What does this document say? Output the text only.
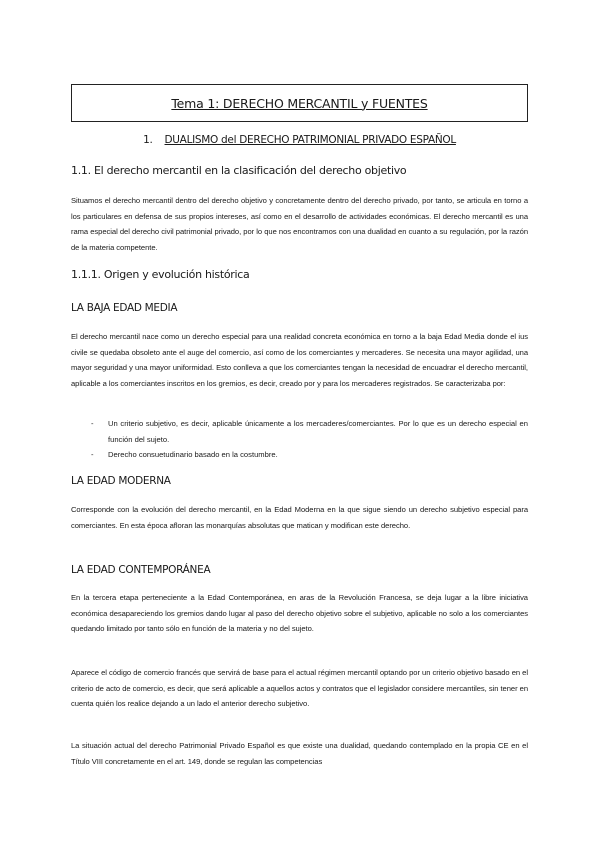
Tema 1: DERECHO MERCANTIL y FUENTES
1. DUALISMO del DERECHO PATRIMONIAL PRIVADO ESPAÑOL
1.1. El derecho mercantil en la clasificación del derecho objetivo

Situamos el derecho mercantil dentro del derecho objetivo y concretamente dentro del derecho privado, por tanto, se articula en torno a los particulares en defensa de sus propios intereses, así como en el desarrollo de actividades económicas. El derecho mercantil es una rama especial del derecho civil patrimonial privado, por lo que nos encontramos con una dualidad en cuanto a su regulación, por la razón de la materia competente.

1.1.1. Origen y evolución histórica
LA BAJA EDAD MEDIA

El derecho mercantil nace como un derecho especial para una realidad concreta económica en torno a la baja Edad Media donde el ius civile se quedaba obsoleto ante el auge del comercio, así como de los comerciantes y mercaderes. Se necesita una mayor agilidad, una mayor seguridad y una mayor uniformidad. Esto conlleva a que los comerciantes tengan la necesidad de encuadrar el derecho mercantil, aplicable a los comerciantes inscritos en los gremios, es decir, creado por y para los mercaderes registrados. Se caracterizaba por:

- Un criterio subjetivo, es decir, aplicable únicamente a los mercaderes/comerciantes. Por lo que es un derecho especial en función del sujeto.
- Derecho consuetudinario basado en la costumbre.
LA EDAD MODERNA

Corresponde con la evolución del derecho mercantil, en la Edad Moderna en la que sigue siendo un derecho subjetivo especial para comerciantes. En esta época afloran las monarquías absolutas que matican y modifican este derecho.

LA EDAD CONTEMPORÁNEA

En la tercera etapa perteneciente a la Edad Contemporánea, en aras de la Revolución Francesa, se deja lugar a la libre iniciativa económica desapareciendo los gremios dando lugar al paso del derecho objetivo sobre el subjetivo, aplicable no solo a los comerciantes quedando limitado por tanto sólo en función de la materia y no del sujeto.

Aparece el código de comercio francés que servirá de base para el actual régimen mercantil optando por un criterio objetivo basado en el criterio de acto de comercio, es decir, que será aplicable a aquellos actos y contratos que el legislador considere mercantiles, sin tener en cuenta quién los realice dejando a un lado el anterior derecho subjetivo.

La situación actual del derecho Patrimonial Privado Español es que existe una dualidad, quedando contemplado en la propia CE en el Título VIII concretamente en el art. 149, donde se regulan las competencias
